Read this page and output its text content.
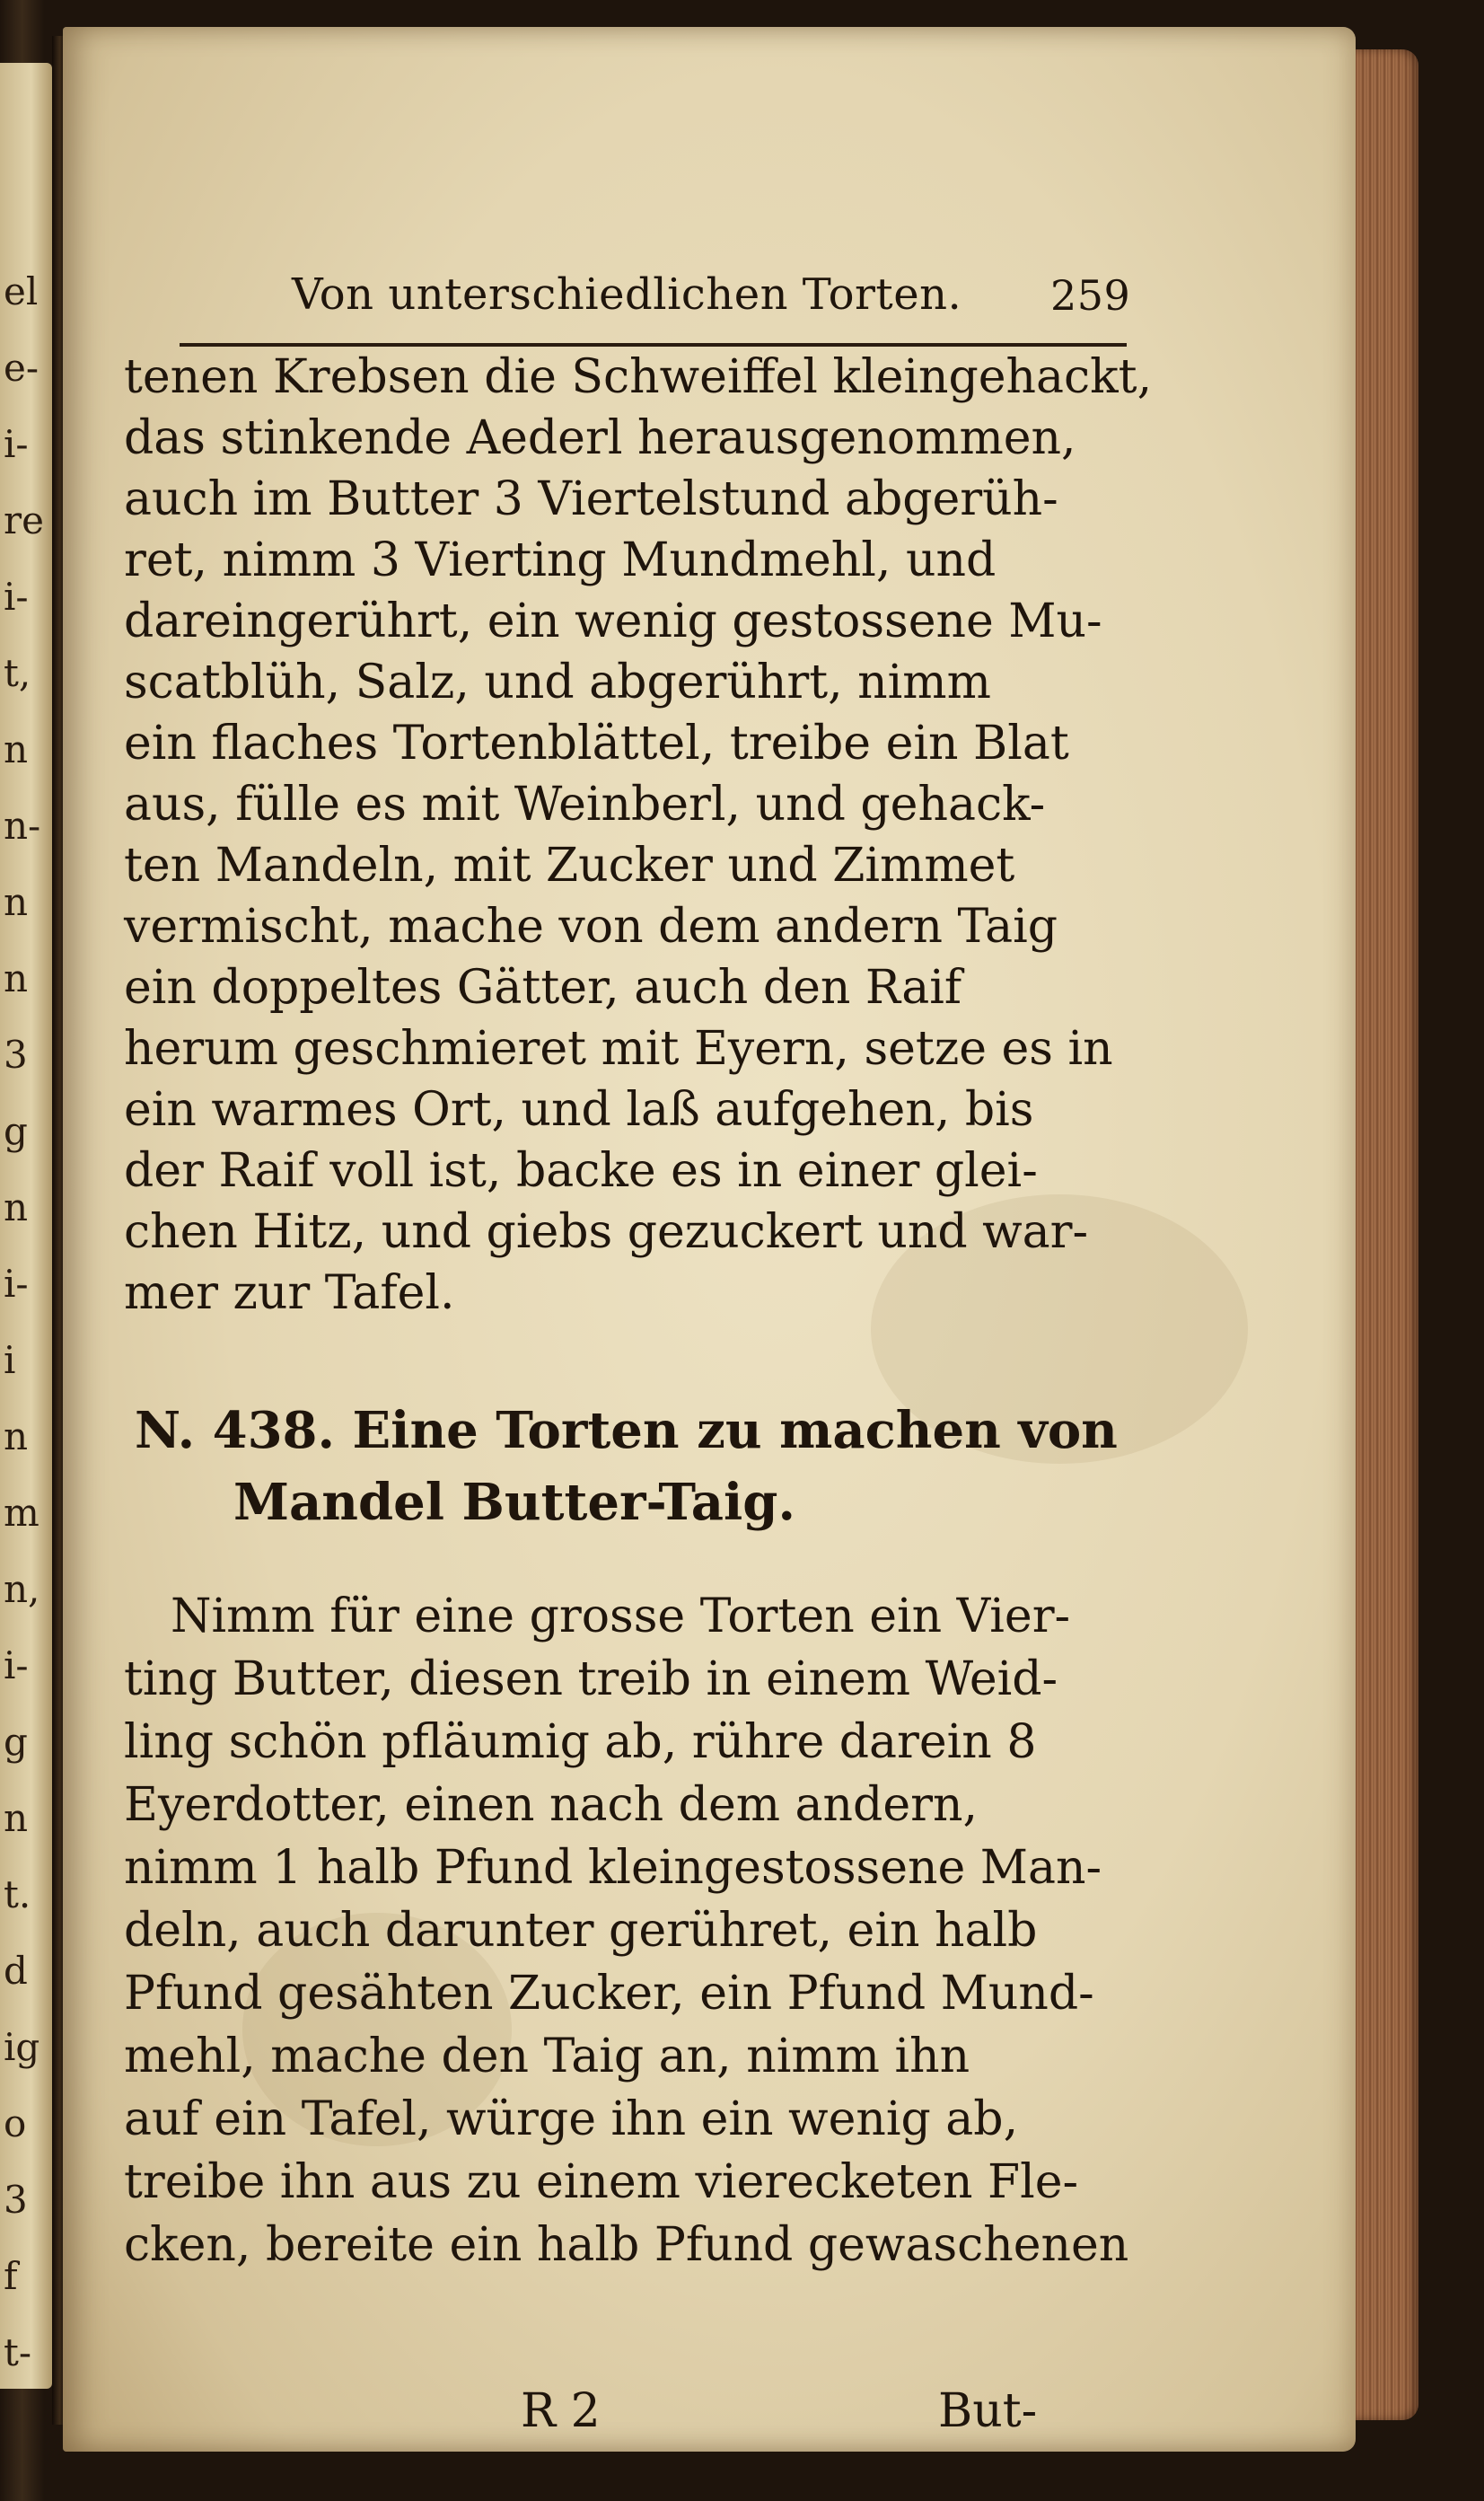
el
e-
i-
re
i-
t,
n
n-
n
n
3
g
n
i-
i
n
m
n,
i-
g
n
t.
d
ig
o
3
f
t-
Von unterschiedlichen Torten. 259
tenen Krebsen die Schweiffel kleingehackt,
das stinkende Aederl herausgenommen,
auch im Butter 3 Viertelstund abgerüh-
ret, nimm 3 Vierting Mundmehl, und
dareingerührt, ein wenig gestossene Mu-
scatblüh, Salz, und abgerührt, nimm
ein flaches Tortenblättel, treibe ein Blat
aus, fülle es mit Weinberl, und gehack-
ten Mandeln, mit Zucker und Zimmet
vermischt, mache von dem andern Taig
ein doppeltes Gätter, auch den Raif
herum geschmieret mit Eyern, setze es in
ein warmes Ort, und laß aufgehen, bis
der Raif voll ist, backe es in einer glei-
chen Hitz, und giebs gezuckert und war-
mer zur Tafel.
N. 438. Eine Torten zu machen von
Mandel Butter-Taig.
Nimm für eine grosse Torten ein Vier-
ting Butter, diesen treib in einem Weid-
ling schön pfläumig ab, rühre darein 8
Eyerdotter, einen nach dem andern,
nimm 1 halb Pfund kleingestossene Man-
deln, auch darunter gerühret, ein halb
Pfund gesähten Zucker, ein Pfund Mund-
mehl, mache den Taig an, nimm ihn
auf ein Tafel, würge ihn ein wenig ab,
treibe ihn aus zu einem vierecketen Fle-
cken, bereite ein halb Pfund gewaschenen
R 2	But-
